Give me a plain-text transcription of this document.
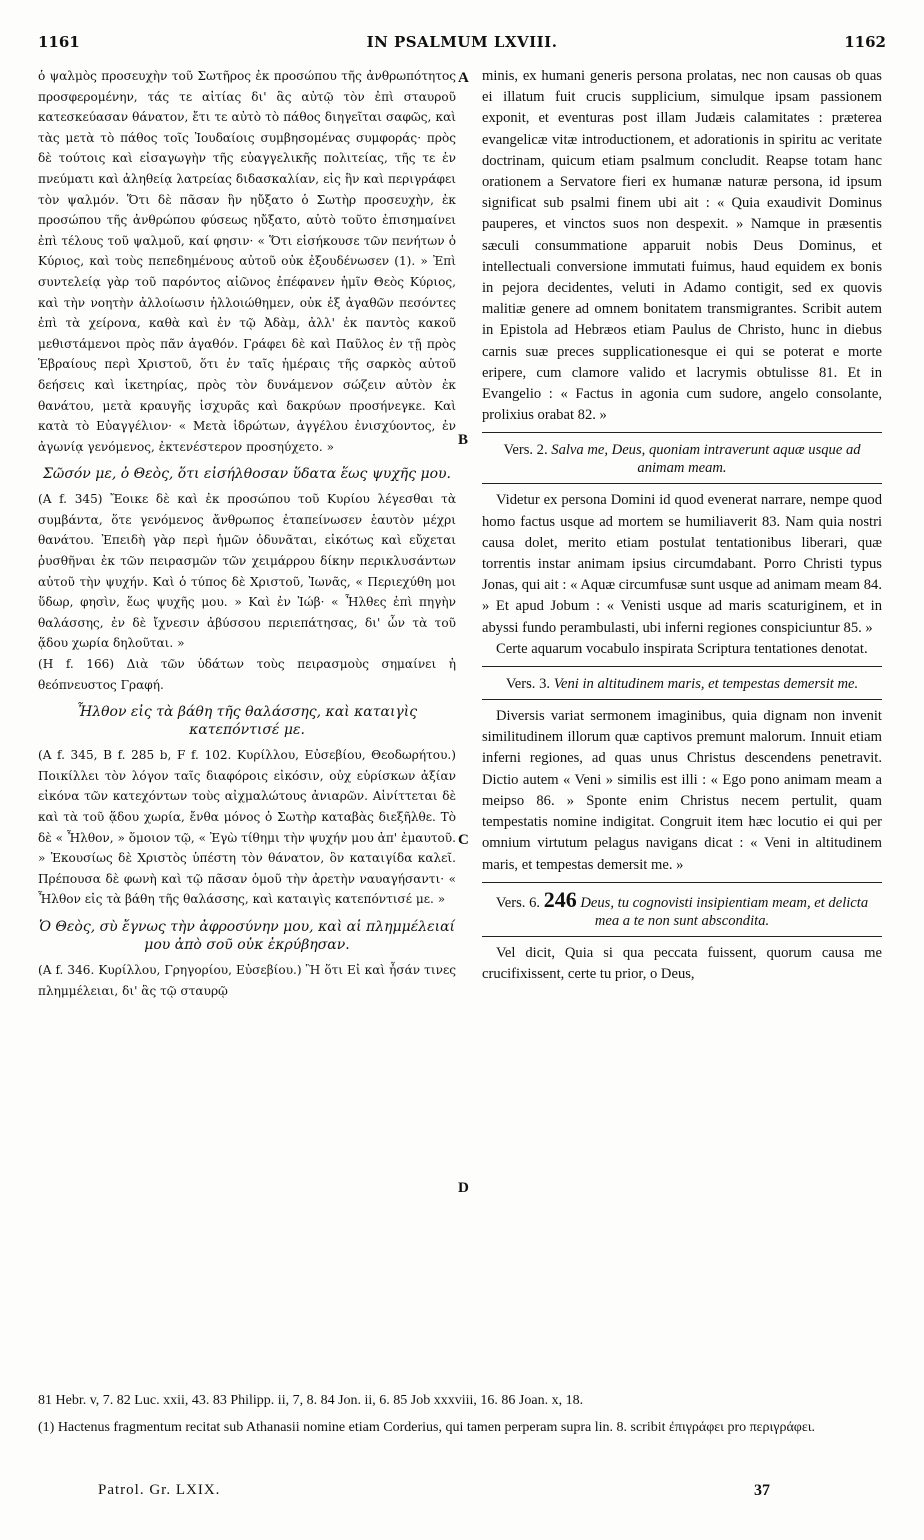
1161	IN PSALMUM LXVIII.	1162
A
B
C
D

ὁ ψαλμὸς προσευχὴν τοῦ Σωτῆρος ἐκ προσώπου τῆς ἀνθρωπότητος προσφερομένην, τάς τε αἰτίας δι' ἃς αὐτῷ τὸν ἐπὶ σταυροῦ κατεσκεύασαν θάνατον, ἔτι τε αὐτὸ τὸ πάθος διηγεῖται σαφῶς, καὶ τὰς μετὰ τὸ πάθος τοῖς Ἰουδαίοις συμβησομένας συμφοράς· πρὸς δὲ τούτοις καὶ εἰσαγωγὴν τῆς εὐαγγελικῆς πολιτείας, τῆς τε ἐν πνεύματι καὶ ἀληθείᾳ λατρείας διδασκαλίαν, εἰς ἣν καὶ περιγράφει τὸν ψαλμόν. Ὅτι δὲ πᾶσαν ἣν ηὔξατο ὁ Σωτὴρ προσευχὴν, ἐκ προσώπου τῆς ἀνθρώπου φύσεως ηὔξατο, αὐτὸ τοῦτο ἐπισημαίνει ἐπὶ τέλους τοῦ ψαλμοῦ, καί φησιν· « Ὅτι εἰσήκουσε τῶν πενήτων ὁ Κύριος, καὶ τοὺς πεπεδημένους αὐτοῦ οὐκ ἐξουδένωσεν (1). » Ἐπὶ συντελείᾳ γὰρ τοῦ παρόντος αἰῶνος ἐπέφανεν ἡμῖν Θεὸς Κύριος, καὶ τὴν νοητὴν ἀλλοίωσιν ἠλλοιώθημεν, οὐκ ἐξ ἀγαθῶν πεσόντες ἐπὶ τὰ χείρονα, καθὰ καὶ ἐν τῷ Ἀδὰμ, ἀλλ' ἐκ παντὸς κακοῦ μεθιστάμενοι πρὸς πᾶν ἀγαθόν. Γράφει δὲ καὶ Παῦλος ἐν τῇ πρὸς Ἑβραίους περὶ Χριστοῦ, ὅτι ἐν ταῖς ἡμέραις τῆς σαρκὸς αὐτοῦ δεήσεις καὶ ἱκετηρίας, πρὸς τὸν δυνάμενον σώζειν αὐτὸν ἐκ θανάτου, μετὰ κραυγῆς ἰσχυρᾶς καὶ δακρύων προσήνεγκε. Καὶ κατὰ τὸ Εὐαγγέλιον· « Μετὰ ἱδρώτων, ἀγγέλου ἐνισχύοντος, ἐν ἀγωνίᾳ γενόμενος, ἐκτενέστερον προσηύχετο. »

Σῶσόν με, ὁ Θεὸς, ὅτι εἰσήλθοσαν ὕδατα ἕως ψυχῆς μου.

(A f. 345) Ἔοικε δὲ καὶ ἐκ προσώπου τοῦ Κυρίου λέγεσθαι τὰ συμβάντα, ὅτε γενόμενος ἄνθρωπος ἐταπείνωσεν ἑαυτὸν μέχρι θανάτου. Ἐπειδὴ γὰρ περὶ ἡμῶν ὀδυνᾶται, εἰκότως καὶ εὔχεται ῥυσθῆναι ἐκ τῶν πειρασμῶν τῶν χειμάρρου δίκην περικλυσάντων αὐτοῦ τὴν ψυχήν. Καὶ ὁ τύπος δὲ Χριστοῦ, Ἰωνᾶς, « Περιεχύθη μοι ὕδωρ, φησὶν, ἕως ψυχῆς μου. » Καὶ ἐν Ἰώβ· « Ἦλθες ἐπὶ πηγὴν θαλάσσης, ἐν δὲ ἴχνεσιν ἀβύσσου περιεπάτησας, δι' ὧν τὰ τοῦ ᾅδου χωρία δηλοῦται. »

(H f. 166) Διὰ τῶν ὑδάτων τοὺς πειρασμοὺς σημαίνει ἡ θεόπνευστος Γραφή.

Ἦλθον εἰς τὰ βάθη τῆς θαλάσσης, καὶ καταιγὶς κατεπόντισέ με.

(A f. 345, B f. 285 b, F f. 102. Κυρίλλου, Εὐσεβίου, Θεοδωρήτου.) Ποικίλλει τὸν λόγον ταῖς διαφόροις εἰκόσιν, οὐχ εὑρίσκων ἀξίαν εἰκόνα τῶν κατεχόντων τοὺς αἰχμαλώτους ἀνιαρῶν. Αἰνίττεται δὲ καὶ τὰ τοῦ ᾅδου χωρία, ἔνθα μόνος ὁ Σωτὴρ καταβὰς διεξῆλθε. Τὸ δὲ « Ἦλθον, » ὅμοιον τῷ, « Ἐγὼ τίθημι τὴν ψυχήν μου ἀπ' ἐμαυτοῦ. » Ἑκουσίως δὲ Χριστὸς ὑπέστη τὸν θάνατον, ὃν καταιγίδα καλεῖ. Πρέπουσα δὲ φωνὴ καὶ τῷ πᾶσαν ὁμοῦ τὴν ἀρετὴν ναυαγήσαντι· « Ἦλθον εἰς τὰ βάθη τῆς θαλάσσης, καὶ καταιγὶς κατεπόντισέ με. »

Ὁ Θεὸς, σὺ ἔγνως τὴν ἀφροσύνην μου, καὶ αἱ πλημμέλειαί μου ἀπὸ σοῦ οὐκ ἐκρύβησαν.

(A f. 346. Κυρίλλου, Γρηγορίου, Εὐσεβίου.) Ἢ ὅτι Εἰ καὶ ἦσάν τινες πλημμέλειαι, δι' ἃς τῷ σταυρῷ

minis, ex humani generis persona prolatas, nec non causas ob quas ei illatum fuit crucis supplicium, simulque ipsam passionem exponit, et eventuras post illam Judæis calamitates : præterea evangelicæ vitæ introductionem, et adorationis in spiritu ac veritate doctrinam, quicum etiam psalmum concludit. Reapse totam hanc orationem a Servatore fieri ex humanæ naturæ persona, id ipsum significat sub psalmi finem ubi ait : « Quia exaudivit Dominus pauperes, et vinctos suos non despexit. » Namque in præsentis sæculi consummatione apparuit nobis Deus Dominus, et intellectuali conversione immutati fuimus, haud equidem ex bonis in pejora decidentes, veluti in Adamo contigit, sed ex quovis malitiæ genere ad omnem bonitatem transmigrantes. Scribit autem in Epistola ad Hebræos etiam Paulus de Christo, hunc in diebus carnis suæ preces supplicationesque ei qui se poterat e morte eripere, cum clamore valido et lacrymis obtulisse 81. Et in Evangelio : « Factus in agonia cum sudore, angelo consolante, prolixius orabat 82. »

Vers. 2. Salva me, Deus, quoniam intraverunt aquæ usque ad animam meam.

Videtur ex persona Domini id quod evenerat narrare, nempe quod homo factus usque ad mortem se humiliaverit 83. Nam quia nostri causa dolet, merito etiam postulat tentationibus liberari, quæ torrentis instar animam ipsius circumdabant. Porro Christi typus Jonas, qui ait : « Aquæ circumfusæ sunt usque ad animam meam 84. » Et apud Jobum : « Venisti usque ad maris scaturiginem, et in abyssi fundo perambulasti, ubi inferni regiones conspiciuntur 85. »

Certe aquarum vocabulo inspirata Scriptura tentationes denotat.

Vers. 3. Veni in altitudinem maris, et tempestas demersit me.

Diversis variat sermonem imaginibus, quia dignam non invenit similitudinem illorum quæ captivos premunt malorum. Innuit etiam inferni regiones, ad quas unus Christus descendens penetravit. Dictio autem « Veni » similis est illi : « Ego pono animam meam a meipso 86. » Sponte enim Christus necem pertulit, quam tempestatis nomine indigitat. Congruit item hæc locutio ei qui per omnium virtutum pelagus navigans dicat : « Veni in altitudinem maris, et tempestas demersit me. »

Vers. 6. 246 Deus, tu cognovisti insipientiam meam, et delicta mea a te non sunt abscondita.

Vel dicit, Quia si qua peccata fuissent, quorum causa me crucifixissent, certe tu prior, o Deus,

81 Hebr. v, 7. 82 Luc. xxii, 43. 83 Philipp. ii, 7, 8. 84 Jon. ii, 6. 85 Job xxxviii, 16. 86 Joan. x, 18.

(1) Hactenus fragmentum recitat sub Athanasii nomine etiam Corderius, qui tamen perperam supra lin. 8. scribit ἐπιγράφει pro περιγράφει.

Patrol. Gr. LXIX.	37
